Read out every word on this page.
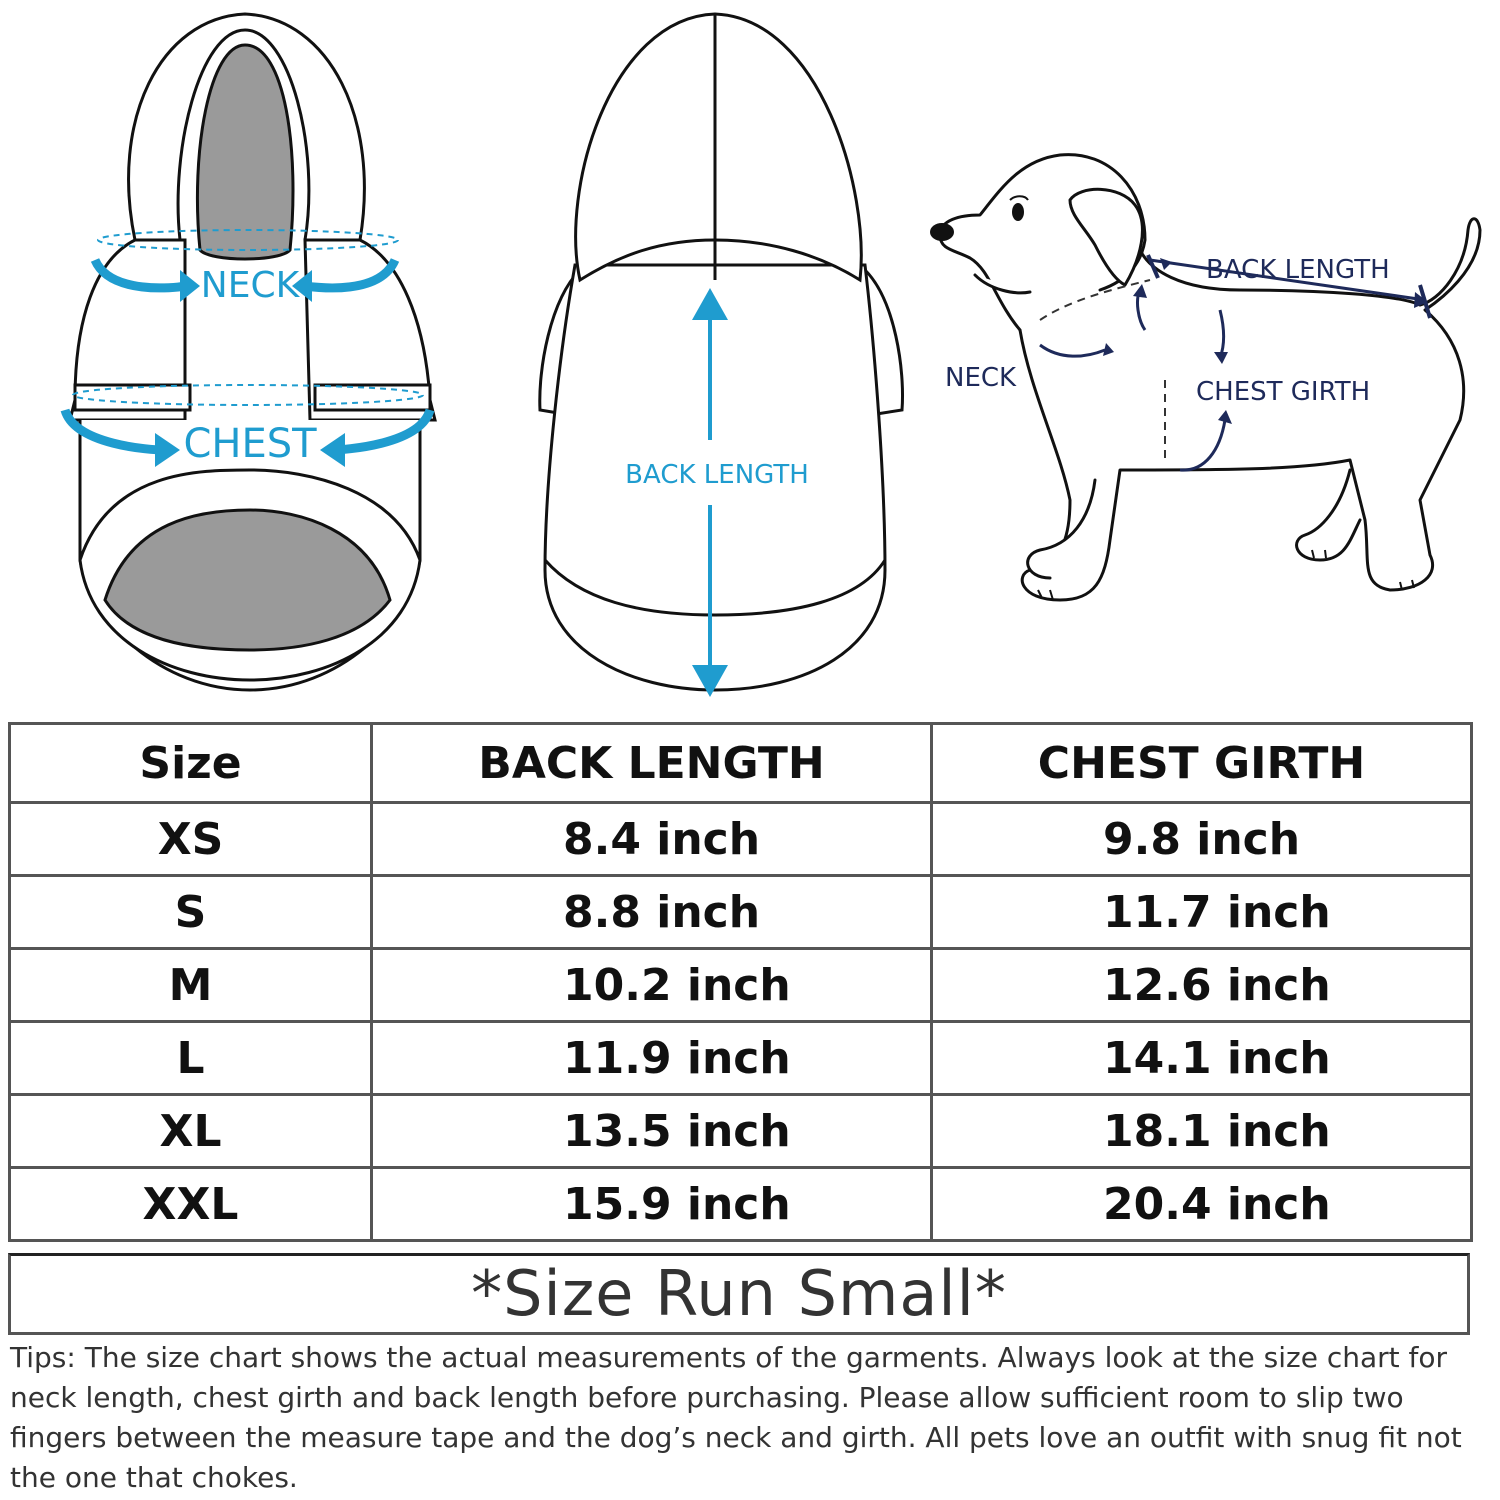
NECK
CHEST
BACK LENGTH
BACK LENGTH
NECK	CHEST GIRTH
Size	BACK LENGTH	CHEST GIRTH
XS	8.4 inch	9.8 inch
S	8.8 inch	11.7 inch
M	10.2 inch	12.6 inch
L	11.9 inch	14.1 inch
XL	13.5 inch	18.1 inch
XXL	15.9 inch	20.4 inch
*Size Run Small*

Tips: The size chart shows the actual measurements of the garments. Always look at the size chart for neck length, chest girth and back length before purchasing. Please allow sufficient room to slip two fingers between the measure tape and the dog’s neck and girth. All pets love an outfit with snug fit not the one that chokes.
